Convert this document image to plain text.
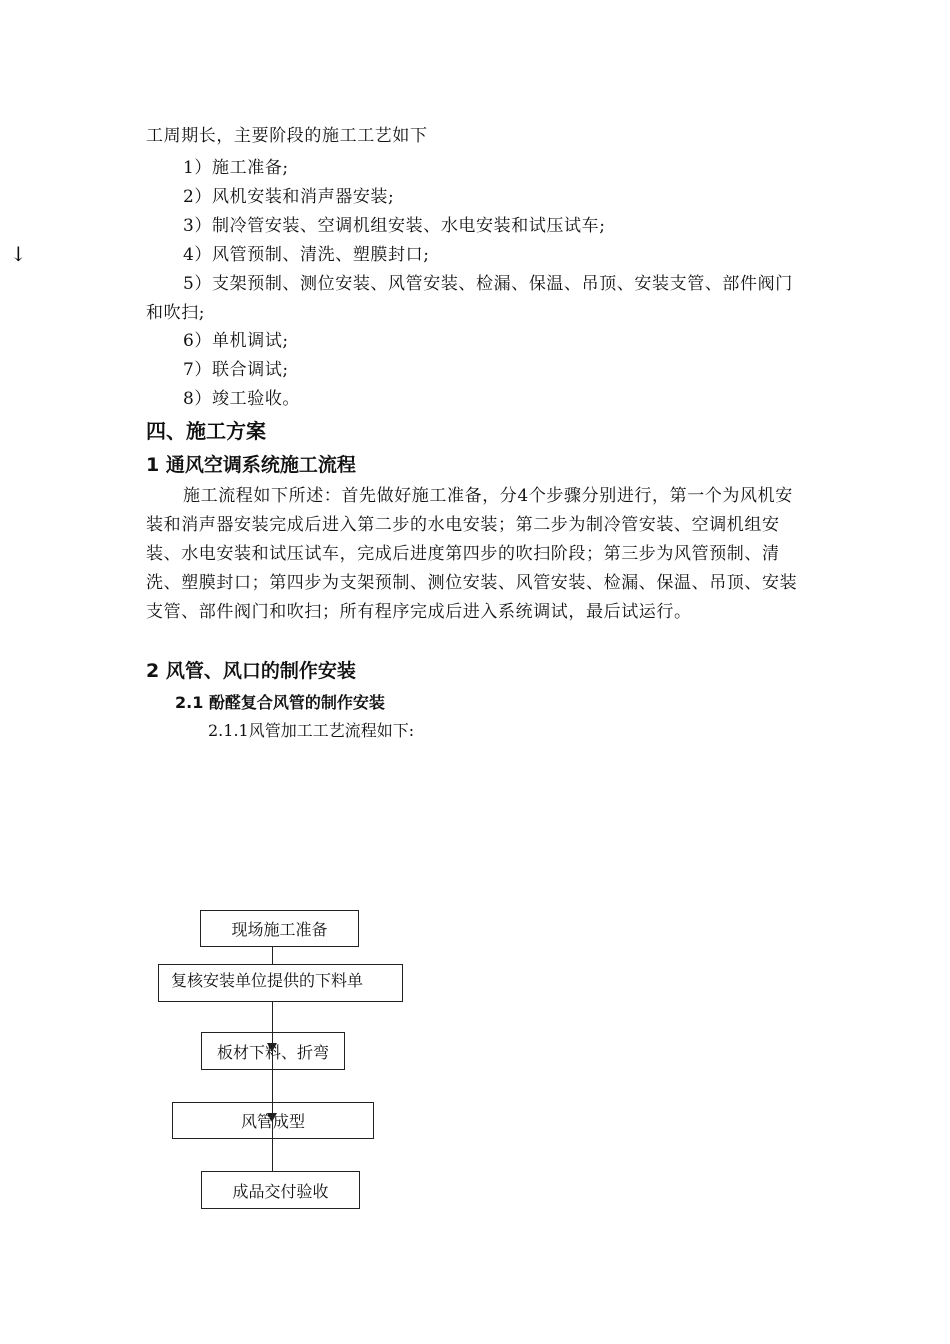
工周期长，主要阶段的施工工艺如下
1）施工准备;
2）风机安装和消声器安装;
3）制冷管安装、空调机组安装、水电安装和试压试车;
4）风管预制、清洗、塑膜封口;
5）支架预制、测位安装、风管安装、检漏、保温、吊顶、安装支管、部件阀门和吹扫;
6）单机调试;
7）联合调试;
8）竣工验收。
↓
四、施工方案
1 通风空调系统施工流程
施工流程如下所述：首先做好施工准备，分4个步骤分别进行，第一个为风机安装和消声器安装完成后进入第二步的水电安装；第二步为制冷管安装、空调机组安装、水电安装和试压试车，完成后进度第四步的吹扫阶段；第三步为风管预制、清洗、塑膜封口；第四步为支架预制、测位安装、风管安装、检漏、保温、吊顶、安装支管、部件阀门和吹扫；所有程序完成后进入系统调试，最后试运行。
2 风管、风口的制作安装
2.1 酚醛复合风管的制作安装
2.1.1风管加工工艺流程如下:
现场施工准备
复核安装单位提供的下料单
板材下料、折弯
风管成型
成品交付验收
